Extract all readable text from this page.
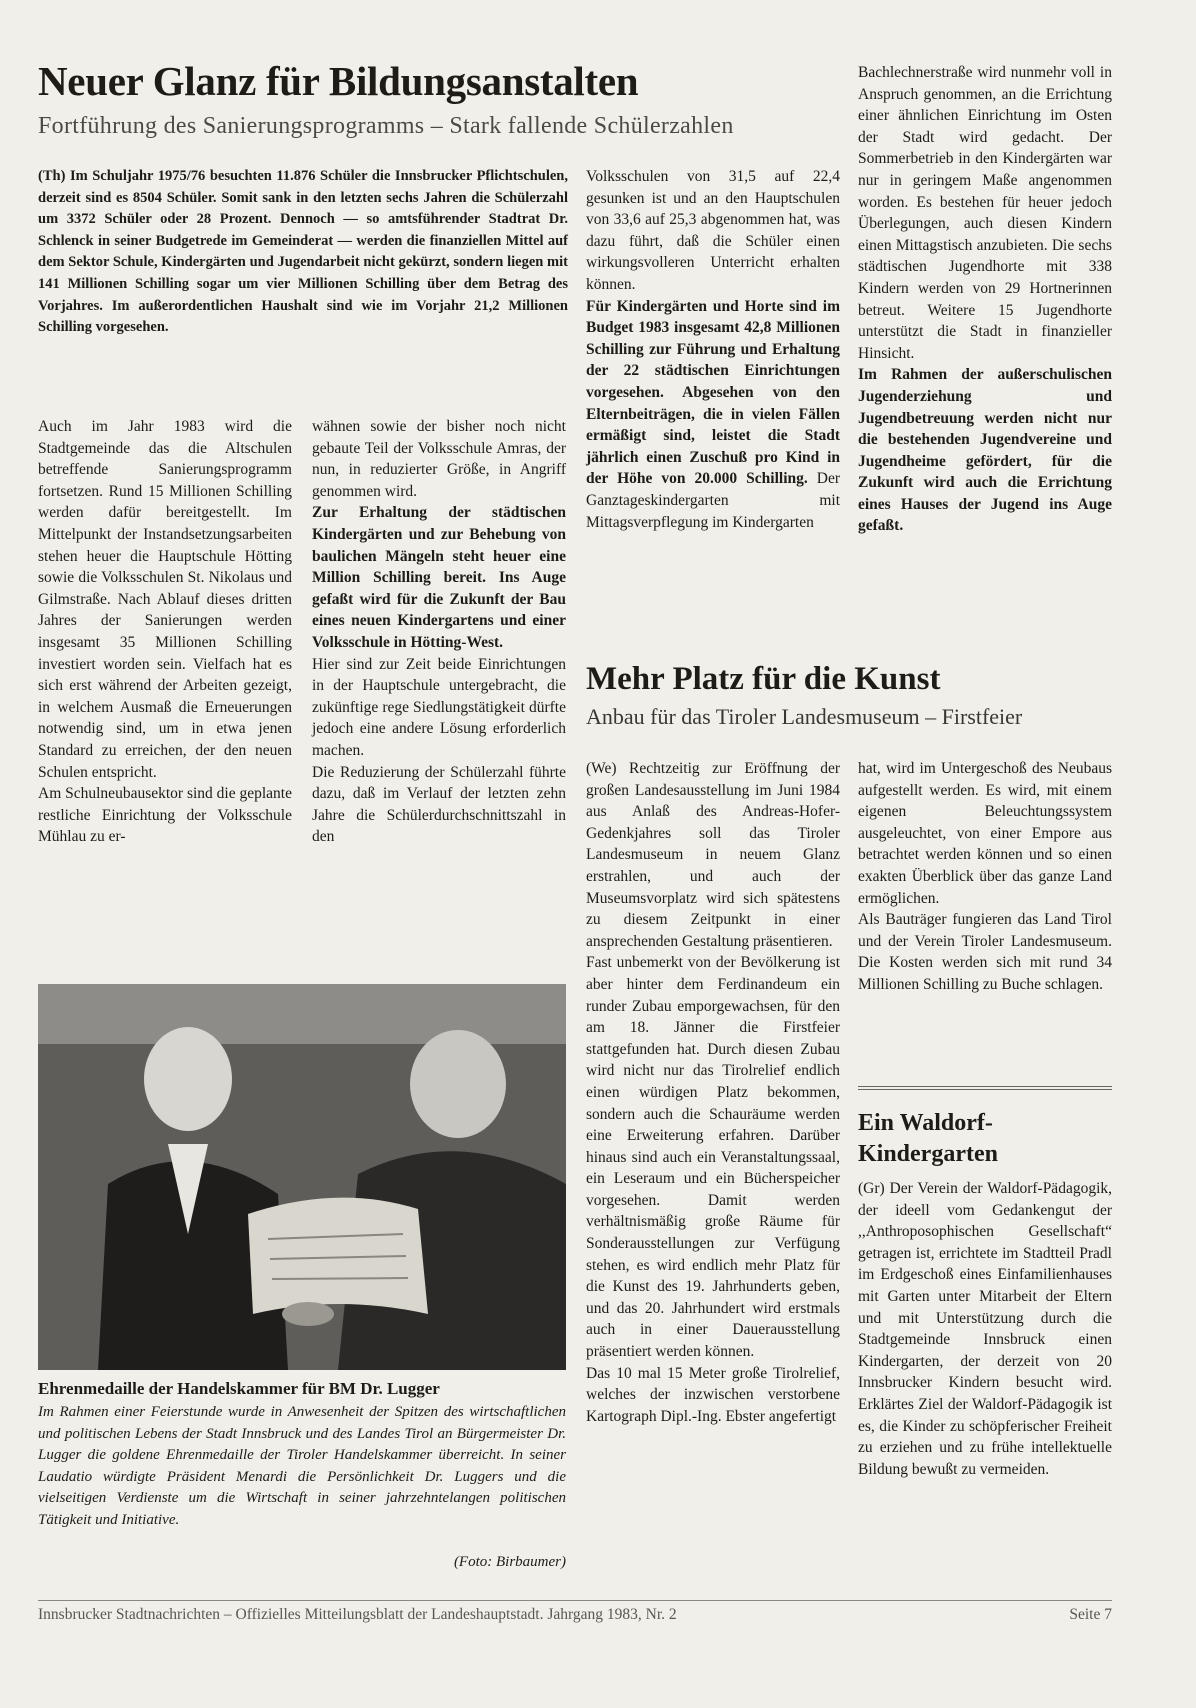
Neuer Glanz für Bildungsanstalten
Fortführung des Sanierungsprogramms – Stark fallende Schülerzahlen
(Th) Im Schuljahr 1975/76 besuchten 11.876 Schüler die Innsbrucker Pflichtschulen, derzeit sind es 8504 Schüler. Somit sank in den letzten sechs Jahren die Schülerzahl um 3372 Schüler oder 28 Prozent. Dennoch — so amtsführender Stadtrat Dr. Schlenck in seiner Budgetrede im Gemeinderat — werden die finanziellen Mittel auf dem Sektor Schule, Kindergärten und Jugendarbeit nicht gekürzt, sondern liegen mit 141 Millionen Schilling sogar um vier Millionen Schilling über dem Betrag des Vorjahres. Im außerordentlichen Haushalt sind wie im Vorjahr 21,2 Millionen Schilling vorgesehen.

Auch im Jahr 1983 wird die Stadtgemeinde das die Altschulen betreffende Sanierungsprogramm fortsetzen. Rund 15 Millionen Schilling werden dafür bereitgestellt. Im Mittelpunkt der Instandsetzungsarbeiten stehen heuer die Hauptschule Hötting sowie die Volksschulen St. Nikolaus und Gilmstraße. Nach Ablauf dieses dritten Jahres der Sanierungen werden insgesamt 35 Millionen Schilling investiert worden sein. Vielfach hat es sich erst während der Arbeiten gezeigt, in welchem Ausmaß die Erneuerungen notwendig sind, um in etwa jenen Standard zu erreichen, der den neuen Schulen entspricht.

Am Schulneubausektor sind die geplante restliche Einrichtung der Volksschule Mühlau zu er-

wähnen sowie der bisher noch nicht gebaute Teil der Volksschule Amras, der nun, in reduzierter Größe, in Angriff genommen wird.

Zur Erhaltung der städtischen Kindergärten und zur Behebung von baulichen Mängeln steht heuer eine Million Schilling bereit. Ins Auge gefaßt wird für die Zukunft der Bau eines neuen Kindergartens und einer Volksschule in Hötting-West.

Hier sind zur Zeit beide Einrichtungen in der Hauptschule untergebracht, die zukünftige rege Siedlungstätigkeit dürfte jedoch eine andere Lösung erforderlich machen.

Die Reduzierung der Schülerzahl führte dazu, daß im Verlauf der letzten zehn Jahre die Schülerdurchschnittszahl in den

Volksschulen von 31,5 auf 22,4 gesunken ist und an den Hauptschulen von 33,6 auf 25,3 abgenommen hat, was dazu führt, daß die Schüler einen wirkungsvolleren Unterricht erhalten können.

Für Kindergärten und Horte sind im Budget 1983 insgesamt 42,8 Millionen Schilling zur Führung und Erhaltung der 22 städtischen Einrichtungen vorgesehen. Abgesehen von den Elternbeiträgen, die in vielen Fällen ermäßigt sind, leistet die Stadt jährlich einen Zuschuß pro Kind in der Höhe von 20.000 Schilling. Der Ganztageskindergarten mit Mittagsverpflegung im Kindergarten

Bachlechnerstraße wird nunmehr voll in Anspruch genommen, an die Errichtung einer ähnlichen Einrichtung im Osten der Stadt wird gedacht. Der Sommerbetrieb in den Kindergärten war nur in geringem Maße angenommen worden. Es bestehen für heuer jedoch Überlegungen, auch diesen Kindern einen Mittagstisch anzubieten. Die sechs städtischen Jugendhorte mit 338 Kindern werden von 29 Hortnerinnen betreut. Weitere 15 Jugendhorte unterstützt die Stadt in finanzieller Hinsicht.

Im Rahmen der außerschulischen Jugenderziehung und Jugendbetreuung werden nicht nur die bestehenden Jugendvereine und Jugendheime gefördert, für die Zukunft wird auch die Errichtung eines Hauses der Jugend ins Auge gefaßt.

Ehrenmedaille der Handelskammer für BM Dr. Lugger
Im Rahmen einer Feierstunde wurde in Anwesenheit der Spitzen des wirtschaftlichen und politischen Lebens der Stadt Innsbruck und des Landes Tirol an Bürgermeister Dr. Lugger die goldene Ehrenmedaille der Tiroler Handelskammer überreicht. In seiner Laudatio würdigte Präsident Menardi die Persönlichkeit Dr. Luggers und die vielseitigen Verdienste um die Wirtschaft in seiner jahrzehntelangen politischen Tätigkeit und Initiative.
(Foto: Birbaumer)
Mehr Platz für die Kunst
Anbau für das Tiroler Landesmuseum – Firstfeier

(We) Rechtzeitig zur Eröffnung der großen Landesausstellung im Juni 1984 aus Anlaß des Andreas-Hofer-Gedenkjahres soll das Tiroler Landesmuseum in neuem Glanz erstrahlen, und auch der Museumsvorplatz wird sich spätestens zu diesem Zeitpunkt in einer ansprechenden Gestaltung präsentieren.

Fast unbemerkt von der Bevölkerung ist aber hinter dem Ferdinandeum ein runder Zubau emporgewachsen, für den am 18. Jänner die Firstfeier stattgefunden hat. Durch diesen Zubau wird nicht nur das Tirolrelief endlich einen würdigen Platz bekommen, sondern auch die Schauräume werden eine Erweiterung erfahren. Darüber hinaus sind auch ein Veranstaltungssaal, ein Leseraum und ein Bücherspeicher vorgesehen. Damit werden verhältnismäßig große Räume für Sonderausstellungen zur Verfügung stehen, es wird endlich mehr Platz für die Kunst des 19. Jahrhunderts geben, und das 20. Jahrhundert wird erstmals auch in einer Dauerausstellung präsentiert werden können.

Das 10 mal 15 Meter große Tirolrelief, welches der inzwischen verstorbene Kartograph Dipl.-Ing. Ebster angefertigt

hat, wird im Untergeschoß des Neubaus aufgestellt werden. Es wird, mit einem eigenen Beleuchtungssystem ausgeleuchtet, von einer Empore aus betrachtet werden können und so einen exakten Überblick über das ganze Land ermöglichen.

Als Bauträger fungieren das Land Tirol und der Verein Tiroler Landesmuseum. Die Kosten werden sich mit rund 34 Millionen Schilling zu Buche schlagen.

Ein Waldorf-Kindergarten
(Gr) Der Verein der Waldorf-Pädagogik, der ideell vom Gedankengut der ,,Anthroposophischen Gesellschaft“ getragen ist, errichtete im Stadtteil Pradl im Erdgeschoß eines Einfamilienhauses mit Garten unter Mitarbeit der Eltern und mit Unterstützung durch die Stadtgemeinde Innsbruck einen Kindergarten, der derzeit von 20 Innsbrucker Kindern besucht wird. Erklärtes Ziel der Waldorf-Pädagogik ist es, die Kinder zu schöpferischer Freiheit zu erziehen und zu frühe intellektuelle Bildung bewußt zu vermeiden.
Innsbrucker Stadtnachrichten – Offizielles Mitteilungsblatt der Landeshauptstadt. Jahrgang 1983, Nr. 2	Seite 7
